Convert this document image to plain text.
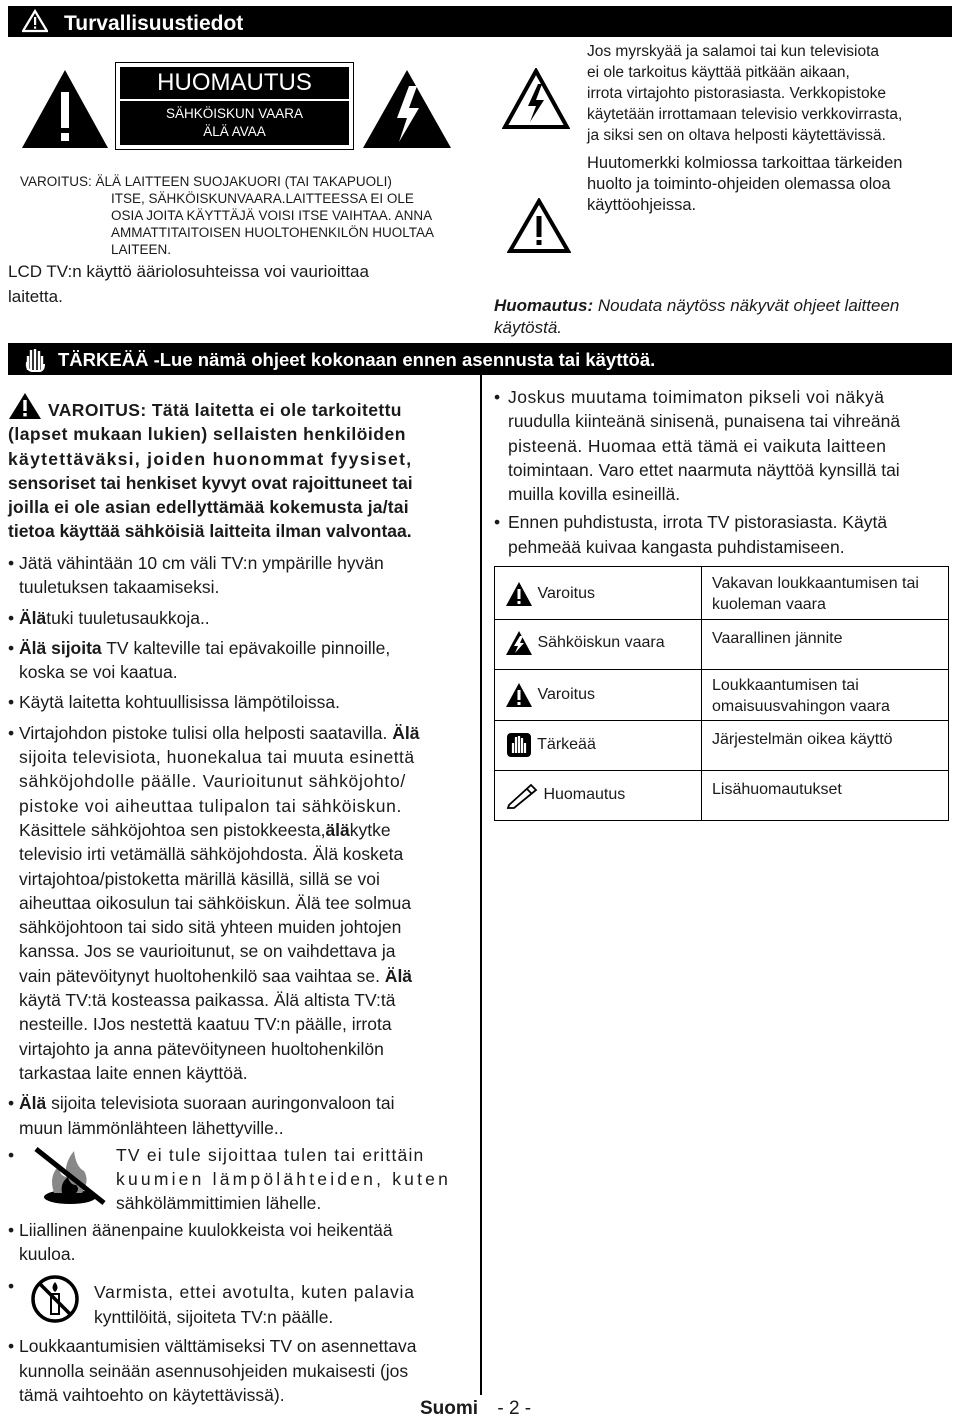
Turvallisuustiedot
HUOMAUTUS
SÄHKÖISKUN VAARA
ÄLÄ AVAA
VAROITUS: ÄLÄ LAITTEEN SUOJAKUORI (TAI TAKAPUOLI)
ITSE, SÄHKÖISKUNVAARA.LAITTEESSA EI OLE
OSIA JOITA KÄYTTÄJÄ VOISI ITSE VAIHTAA. ANNA
AMMATTITAITOISEN HUOLTOHENKILÖN HUOLTAA
LAITEEN.
LCD TV:n käyttö ääriolosuhteissa voi vaurioittaa
laitetta.
Jos myrskyää ja salamoi tai kun televisiota
ei ole tarkoitus käyttää pitkään aikaan,
irrota virtajohto pistorasiasta. Verkkopistoke
käytetään irrottamaan televisio verkkovirrasta,
ja siksi sen on oltava helposti käytettävissä.
Huutomerkki kolmiossa tarkoittaa tärkeiden
huolto ja toiminto-ohjeiden olemassa oloa
käyttöohjeissa.
Huomautus: Noudata näytöss näkyvät ohjeet laitteen
käytöstä.
TÄRKEÄÄ -Lue nämä ohjeet kokonaan ennen asennusta tai käyttöä.
VAROITUS: Tätä laitetta ei ole tarkoitettu
(lapset mukaan lukien) sellaisten henkilöiden
käytettäväksi, joiden huonommat fyysiset,
sensoriset tai henkiset kyvyt ovat rajoittuneet tai
joilla ei ole asian edellyttämää kokemusta ja/tai
tietoa käyttää sähköisiä laitteita ilman valvontaa.
• Jätä vähintään 10 cm väli TV:n ympärille hyvän
tuuletuksen takaamiseksi.
• Älätuki tuuletusaukkoja..
• Älä sijoita TV kalteville tai epävakoille pinnoille,
koska se voi kaatua.
• Käytä laitetta kohtuullisissa lämpötiloissa.
• Virtajohdon pistoke tulisi olla helposti saatavilla. Älä
sijoita televisiota, huonekalua tai muuta esinettä
sähköjohdolle päälle. Vaurioitunut sähköjohto/
pistoke voi aiheuttaa tulipalon tai sähköiskun.
Käsittele sähköjohtoa sen pistokkeesta,äläkytke
televisio irti vetämällä sähköjohdosta. Älä kosketa
virtajohtoa/pistoketta märillä käsillä, sillä se voi
aiheuttaa oikosulun tai sähköiskun. Älä tee solmua
sähköjohtoon tai sido sitä yhteen muiden johtojen
kanssa. Jos se vaurioitunut, se on vaihdettava ja
vain pätevöitynyt huoltohenkilö saa vaihtaa se. Älä
käytä TV:tä kosteassa paikassa. Älä altista TV:tä
nesteille. IJos nestettä kaatuu TV:n päälle, irrota
virtajohto ja anna pätevöityneen huoltohenkilön
tarkastaa laite ennen käyttöä.
• Älä sijoita televisiota suoraan auringonvaloon tai
muun lämmönlähteen lähettyville..
•	TV ei tule sijoittaa tulen tai erittäin
kuumien lämpölähteiden, kuten
sähkölämmittimien lähelle.
• Liiallinen äänenpaine kuulokkeista voi heikentää
kuuloa.
•	Varmista, ettei avotulta, kuten palavia
kynttilöitä, sijoiteta TV:n päälle.
• Loukkaantumisien välttämiseksi TV on asennettava
kunnolla seinään asennusohjeiden mukaisesti (jos
tämä vaihtoehto on käytettävissä).
• Joskus muutama toimimaton pikseli voi näkyä
ruudulla kiinteänä sinisenä, punaisena tai vihreänä
pisteenä. Huomaa että tämä ei vaikuta laitteen
toimintaan. Varo ettet naarmuta näyttöä kynsillä tai
muilla kovilla esineillä.
• Ennen puhdistusta, irrota TV pistorasiasta. Käytä
pehmeää kuivaa kangasta puhdistamiseen.
Varoitus	Vakavan loukkaantumisen tai
kuoleman vaara

Sähköiskun vaara	Vaarallinen jännite

Varoitus	Loukkaantumisen tai
omaisuusvahingon vaara

Tärkeää	Järjestelmän oikea käyttö

Huomautus	Lisähuomautukset
Suomi - 2 -
